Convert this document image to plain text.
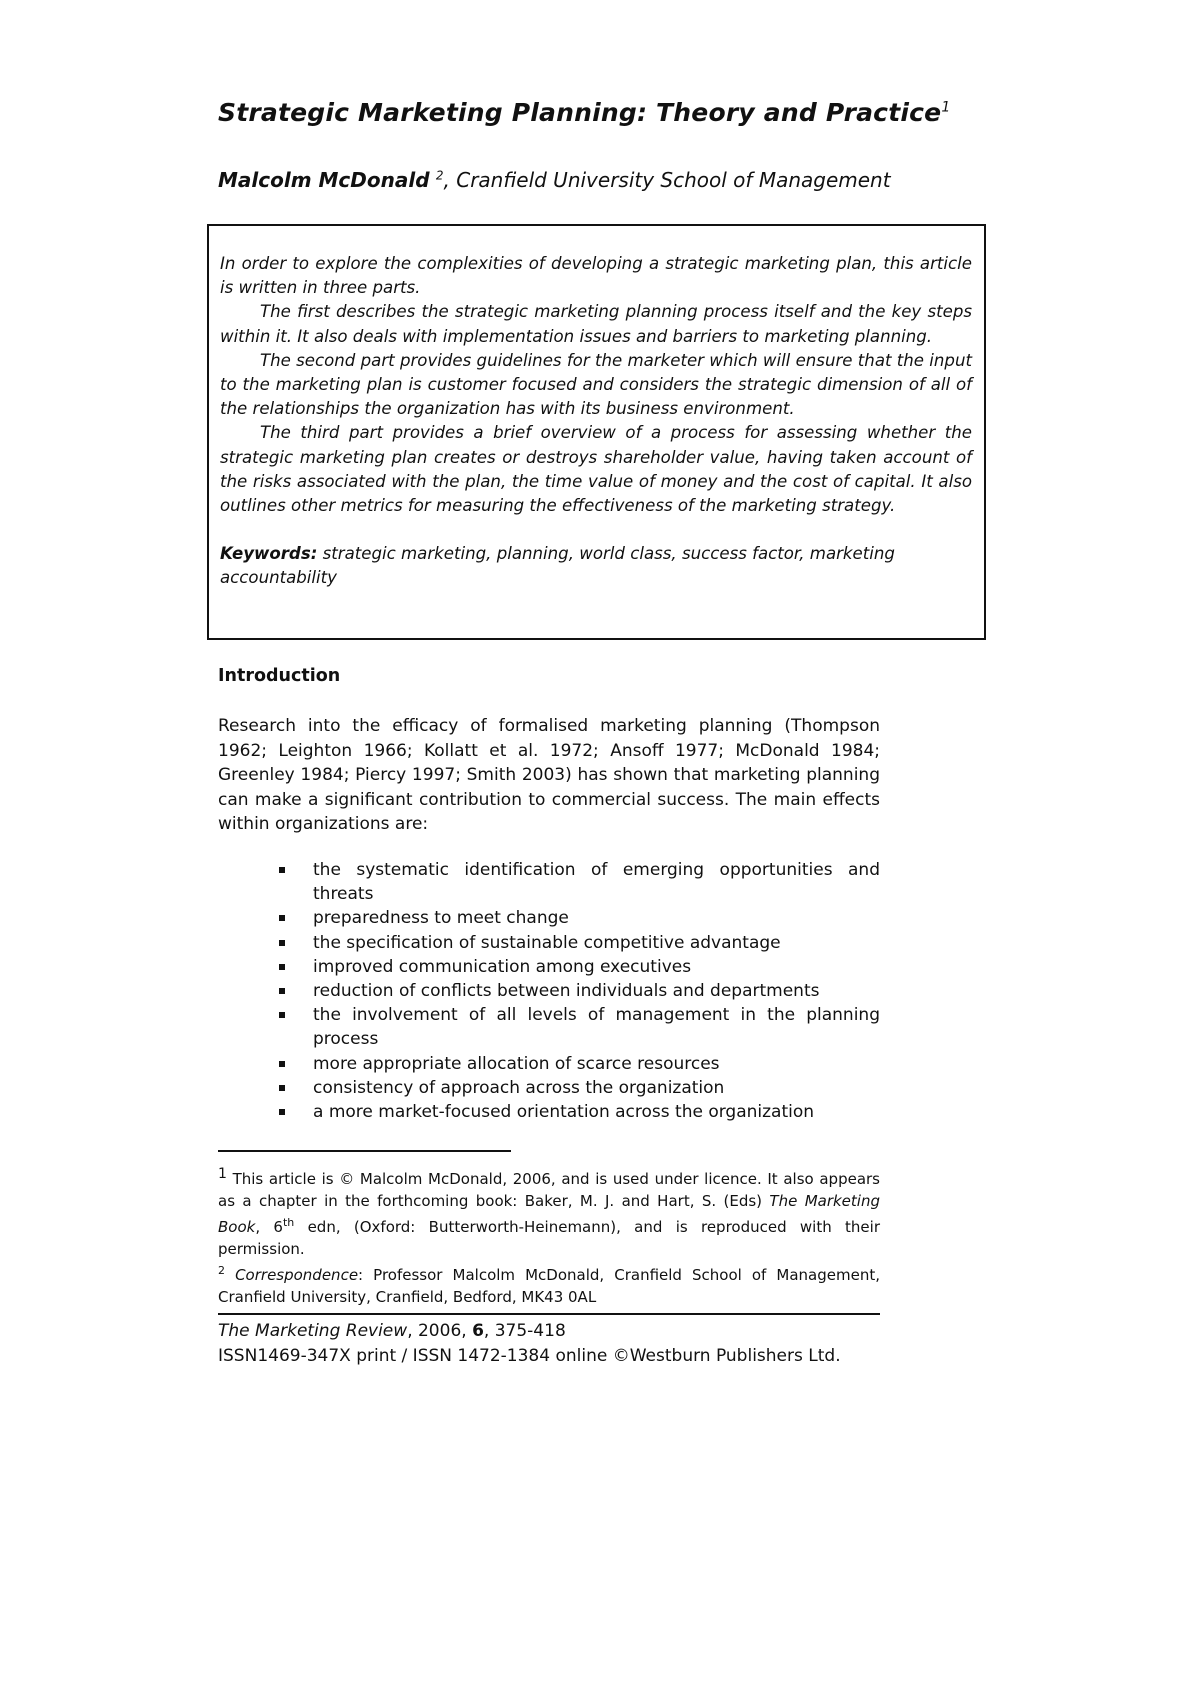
Strategic Marketing Planning: Theory and Practice$^1$

Malcolm McDonald $^2$, Cranfield University School of Management

In order to explore the complexities of developing a strategic marketing plan, this article is written in three parts.

The first describes the strategic marketing planning process itself and the key steps within it. It also deals with implementation issues and barriers to marketing planning.

The second part provides guidelines for the marketer which will ensure that the input to the marketing plan is customer focused and considers the strategic dimension of all of the relationships the organization has with its business environment.

The third part provides a brief overview of a process for assessing whether the strategic marketing plan creates or destroys shareholder value, having taken account of the risks associated with the plan, the time value of money and the cost of capital. It also outlines other metrics for measuring the effectiveness of the marketing strategy.

Keywords: strategic marketing, planning, world class, success factor, marketing accountability

Introduction

Research into the efficacy of formalised marketing planning (Thompson 1962; Leighton 1966; Kollatt et al. 1972; Ansoff 1977; McDonald 1984; Greenley 1984; Piercy 1997; Smith 2003) has shown that marketing planning can make a significant contribution to commercial success. The main effects within organizations are:

the systematic identification of emerging opportunities and threats
preparedness to meet change
the specification of sustainable competitive advantage
improved communication among executives
reduction of conflicts between individuals and departments
the involvement of all levels of management in the planning process
more appropriate allocation of scarce resources
consistency of approach across the organization
a more market-focused orientation across the organization

1 This article is © Malcolm McDonald, 2006, and is used under licence. It also appears as a chapter in the forthcoming book: Baker, M. J. and Hart, S. (Eds) The Marketing Book, 6th edn, (Oxford: Butterworth-Heinemann), and is reproduced with their permission.

$^2$ Correspondence: Professor Malcolm McDonald, Cranfield School of Management, Cranfield University, Cranfield, Bedford, MK43 0AL

The Marketing Review, 2006, 6, 375-418

ISSN1469-347X print / ISSN 1472-1384 online ©Westburn Publishers Ltd.
